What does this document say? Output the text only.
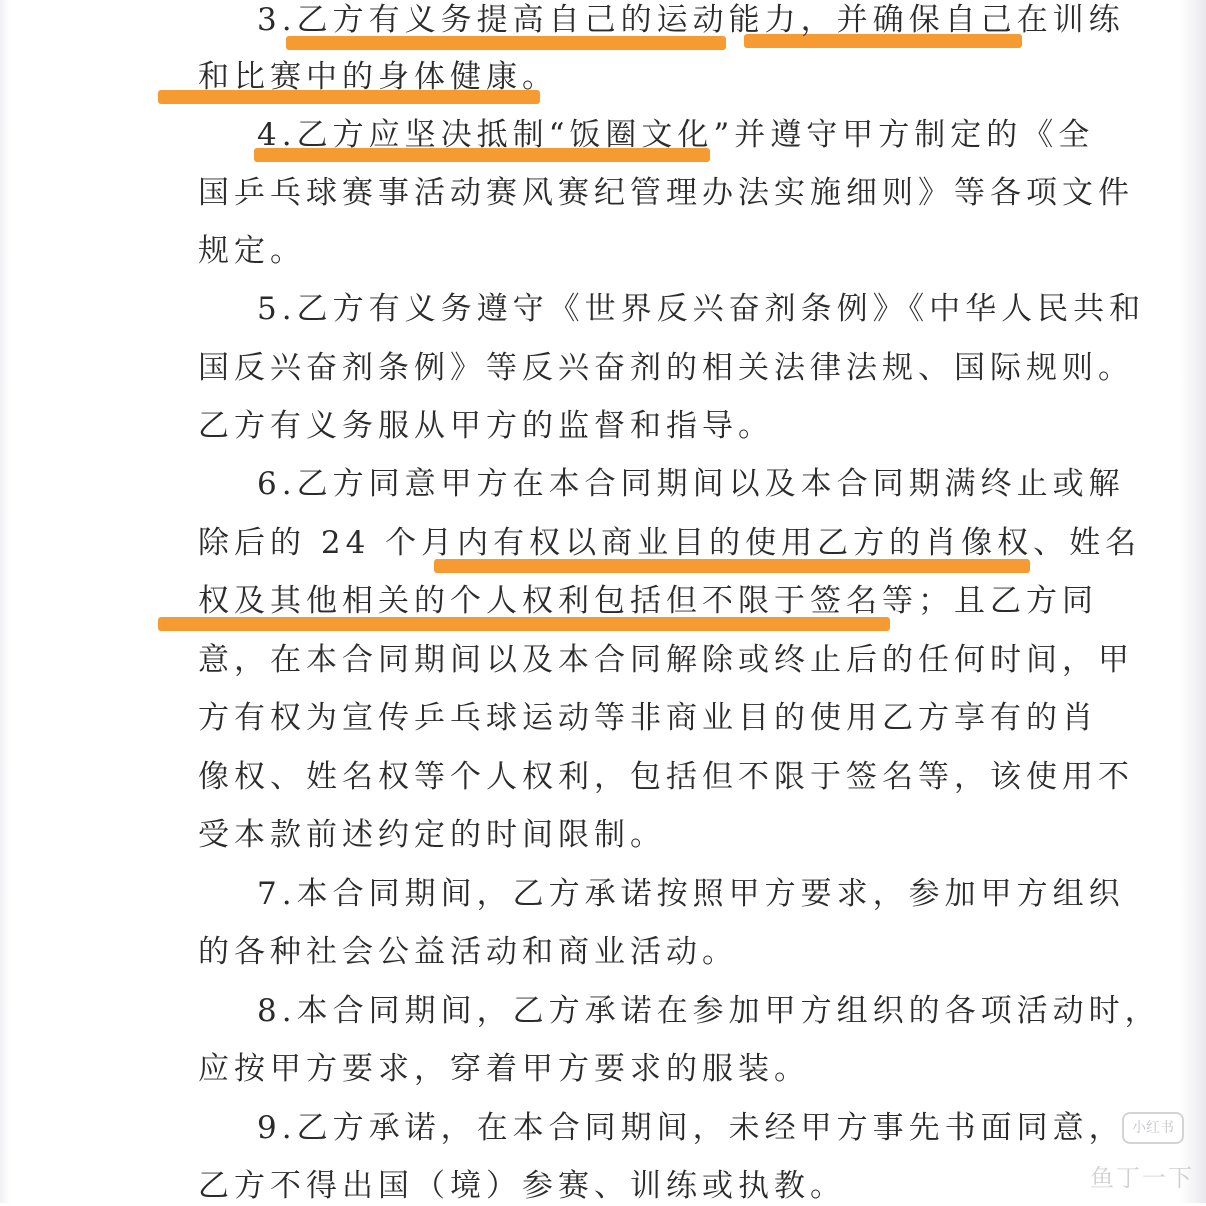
3.乙方有义务提高自己的运动能力，并确保自己在训练
和比赛中的身体健康。
4.乙方应坚决抵制“饭圈文化”并遵守甲方制定的《全
国乒乓球赛事活动赛风赛纪管理办法实施细则》等各项文件
规定。
5.乙方有义务遵守《世界反兴奋剂条例》《中华人民共和
国反兴奋剂条例》等反兴奋剂的相关法律法规、国际规则。
乙方有义务服从甲方的监督和指导。
6.乙方同意甲方在本合同期间以及本合同期满终止或解
除后的 24 个月内有权以商业目的使用乙方的肖像权、姓名
权及其他相关的个人权利包括但不限于签名等；且乙方同
意，在本合同期间以及本合同解除或终止后的任何时间，甲
方有权为宣传乒乓球运动等非商业目的使用乙方享有的肖
像权、姓名权等个人权利，包括但不限于签名等，该使用不
受本款前述约定的时间限制。
7.本合同期间，乙方承诺按照甲方要求，参加甲方组织
的各种社会公益活动和商业活动。
8.本合同期间，乙方承诺在参加甲方组织的各项活动时，
应按甲方要求，穿着甲方要求的服装。
9.乙方承诺，在本合同期间，未经甲方事先书面同意，
乙方不得出国（境）参赛、训练或执教。
小红书
鱼丁一下
